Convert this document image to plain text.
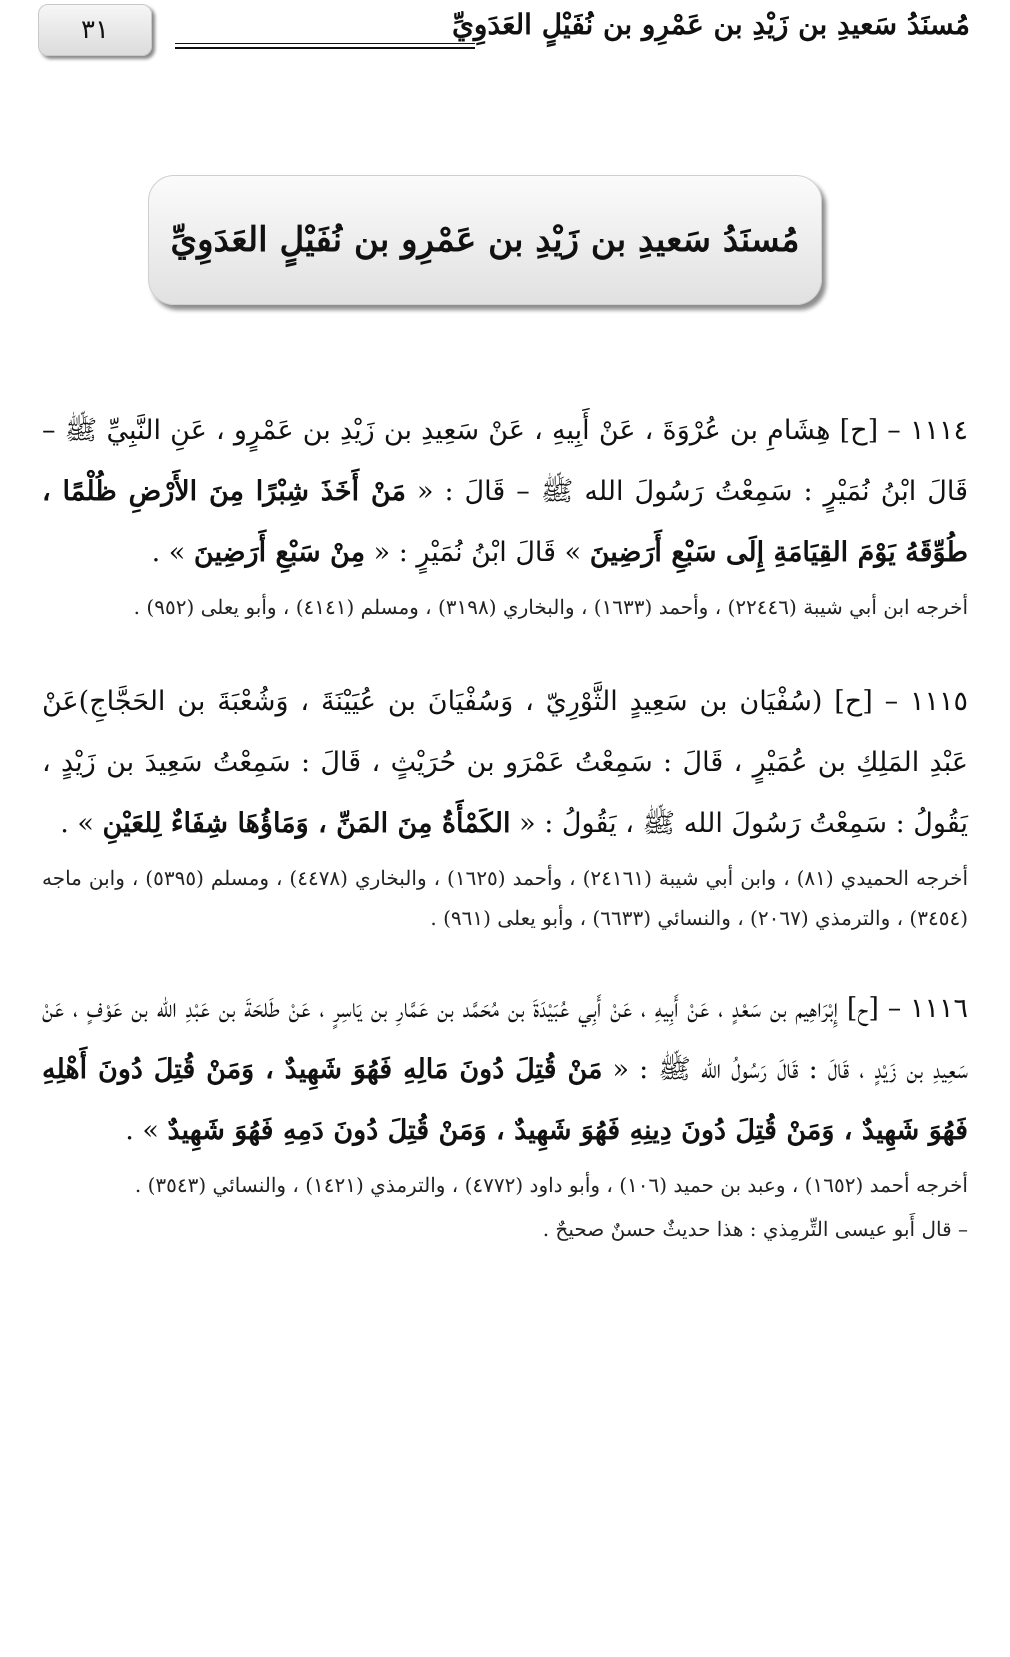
مُسنَدُ سَعيدِ بن زَيْدِ بن عَمْرِو بن نُفَيْلٍ العَدَوِيِّ
٣١
مُسنَدُ سَعيدِ بن زَيْدِ بن عَمْرِو بن نُفَيْلٍ العَدَوِيِّ

١١١٤ – [ح] هِشَامِ بن عُرْوَةَ ، عَنْ أَبِيهِ ، عَنْ سَعِيدِ بن زَيْدِ بن عَمْرٍو ، عَنِ النَّبِيِّ ﷺ – قَالَ ابْنُ نُمَيْرٍ : سَمِعْتُ رَسُولَ الله ﷺ – قَالَ : « مَنْ أَخَذَ شِبْرًا مِنَ الأَرْضِ ظُلْمًا ، طُوِّقَهُ يَوْمَ القِيَامَةِ إِلَى سَبْعِ أَرَضِينَ » قَالَ ابْنُ نُمَيْرٍ : « مِنْ سَبْعِ أَرَضِينَ » .

أخرجه ابن أبي شيبة (٢٢٤٤٦) ، وأحمد (١٦٣٣) ، والبخاري (٣١٩٨) ، ومسلم (٤١٤١) ، وأبو يعلى (٩٥٢) .

١١١٥ – [ح] (سُفْيَان بن سَعِيدٍ الثَّوْرِيّ ، وَسُفْيَانَ بن عُيَيْنَةَ ، وَشُعْبَةَ بن الحَجَّاجِ)عَنْ عَبْدِ المَلِكِ بن عُمَيْرٍ ، قَالَ : سَمِعْتُ عَمْرَو بن حُرَيْثٍ ، قَالَ : سَمِعْتُ سَعِيدَ بن زَيْدٍ ، يَقُولُ : سَمِعْتُ رَسُولَ الله ﷺ ، يَقُولُ : « الكَمْأَةُ مِنَ المَنِّ ، وَمَاؤُهَا شِفَاءٌ لِلعَيْنِ » .

أخرجه الحميدي (٨١) ، وابن أبي شيبة (٢٤١٦١) ، وأحمد (١٦٢٥) ، والبخاري (٤٤٧٨) ، ومسلم (٥٣٩٥) ، وابن ماجه (٣٤٥٤) ، والترمذي (٢٠٦٧) ، والنسائي (٦٦٣٣) ، وأبو يعلى (٩٦١) .

١١١٦ – [ح] إِبْرَاهِيم بن سَعْدٍ ، عَنْ أَبِيهِ ، عَنْ أَبِي عُبَيْدَةَ بن مُحَمَّد بن عَمَّارِ بن يَاسِرٍ ، عَنْ طَلحَةَ بن عَبْدِ الله بن عَوْفٍ ، عَنْ سَعِيدِ بن زَيْدٍ ، قَالَ : قَالَ رَسُولُ الله ﷺ : « مَنْ قُتِلَ دُونَ مَالِهِ فَهُوَ شَهِيدٌ ، وَمَنْ قُتِلَ دُونَ أَهْلِهِ فَهُوَ شَهِيدٌ ، وَمَنْ قُتِلَ دُونَ دِينِهِ فَهُوَ شَهِيدٌ ، وَمَنْ قُتِلَ دُونَ دَمِهِ فَهُوَ شَهِيدٌ » .

أخرجه أحمد (١٦٥٢) ، وعبد بن حميد (١٠٦) ، وأبو داود (٤٧٧٢) ، والترمذي (١٤٢١) ، والنسائي (٣٥٤٣) .

– قال أَبو عيسى التِّرمِذي : هذا حديثٌ حسنٌ صحيحٌ .
